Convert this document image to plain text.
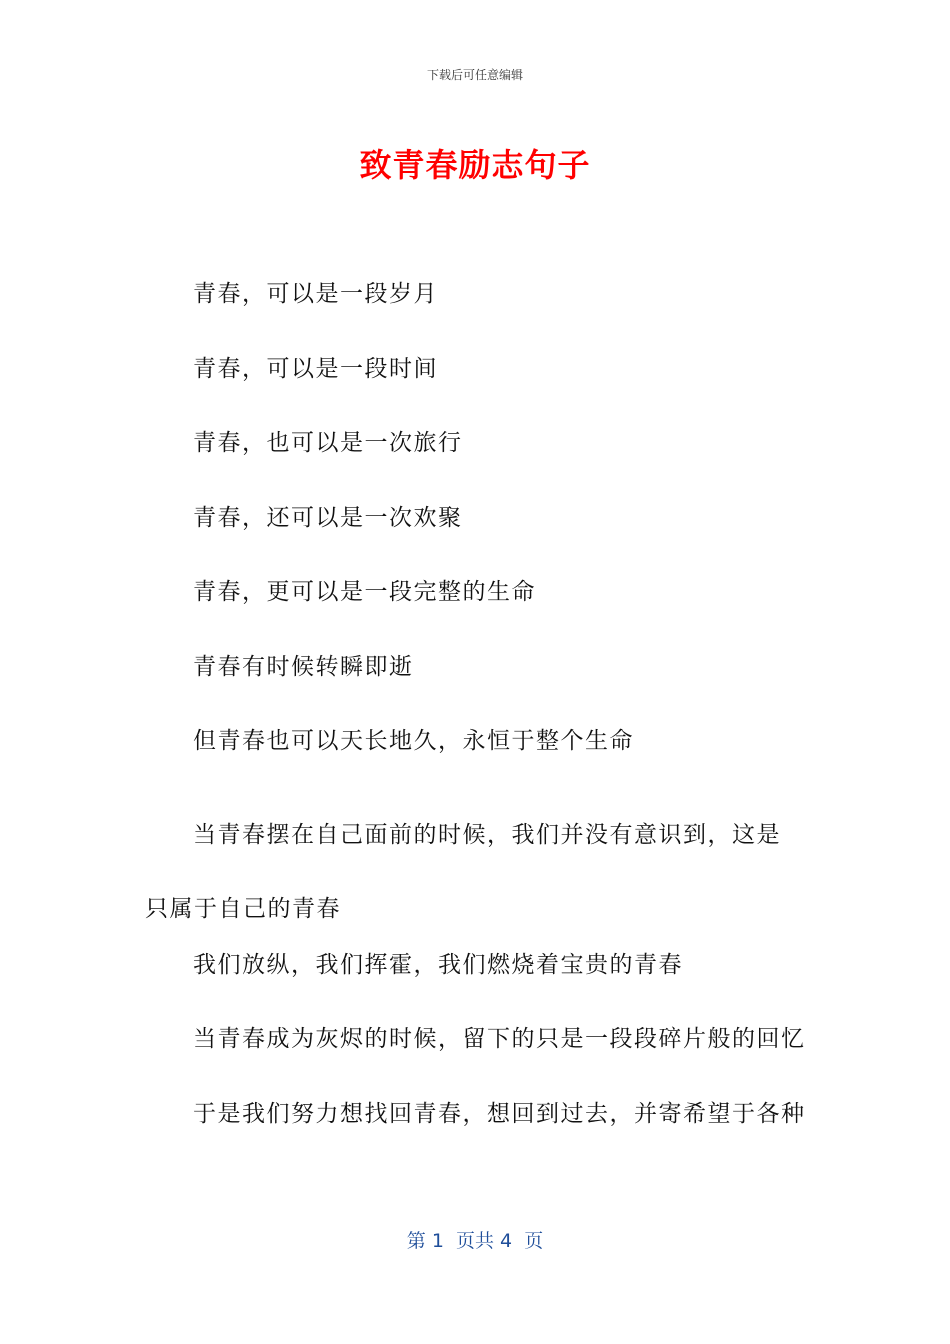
下载后可任意编辑
致青春励志句子

青春，可以是一段岁月

青春，可以是一段时间

青春，也可以是一次旅行

青春，还可以是一次欢聚

青春，更可以是一段完整的生命

青春有时候转瞬即逝

但青春也可以天长地久，永恒于整个生命

当青春摆在自己面前的时候，我们并没有意识到，这是只属于自己的青春

我们放纵，我们挥霍，我们燃烧着宝贵的青春

当青春成为灰烬的时候，留下的只是一段段碎片般的回忆

于是我们努力想找回青春，想回到过去，并寄希望于各种

第 1  页共 4  页
